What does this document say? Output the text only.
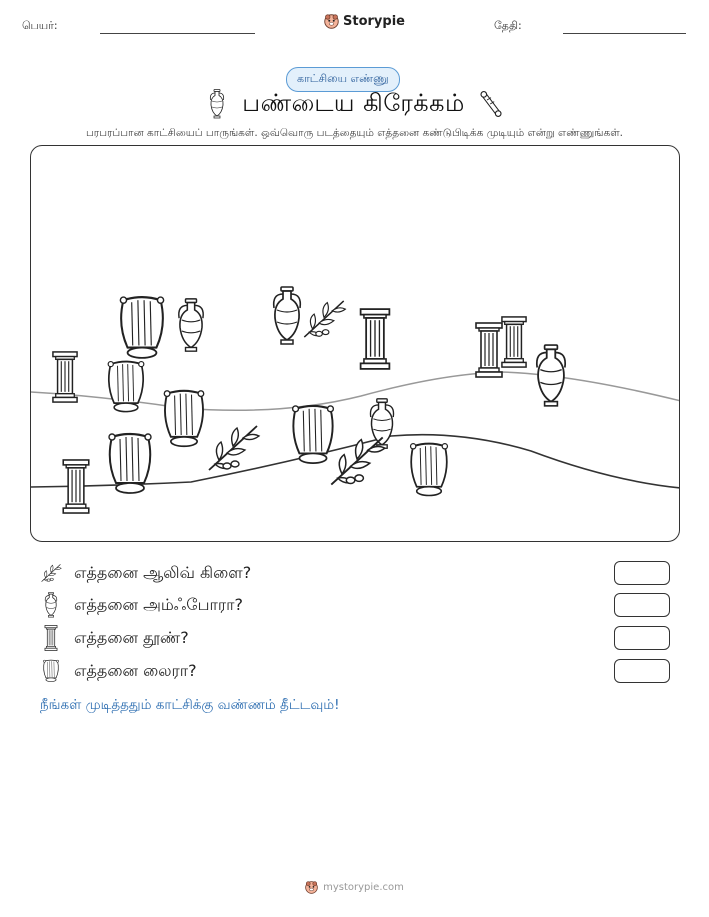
பெயர்:	Storypie	தேதி:
காட்சியை எண்ணு
பண்டைய கிரேக்கம்
பரபரப்பான காட்சியைப் பாருங்கள். ஒவ்வொரு படத்தையும் எத்தனை கண்டுபிடிக்க முடியும் என்று எண்ணுங்கள்.
எத்தனை ஆலிவ் கிளை?
எத்தனை அம்ஃபோரா?
எத்தனை தூண்?
எத்தனை லைரா?
நீங்கள் முடித்ததும் காட்சிக்கு வண்ணம் தீட்டவும்!
mystorypie.com
